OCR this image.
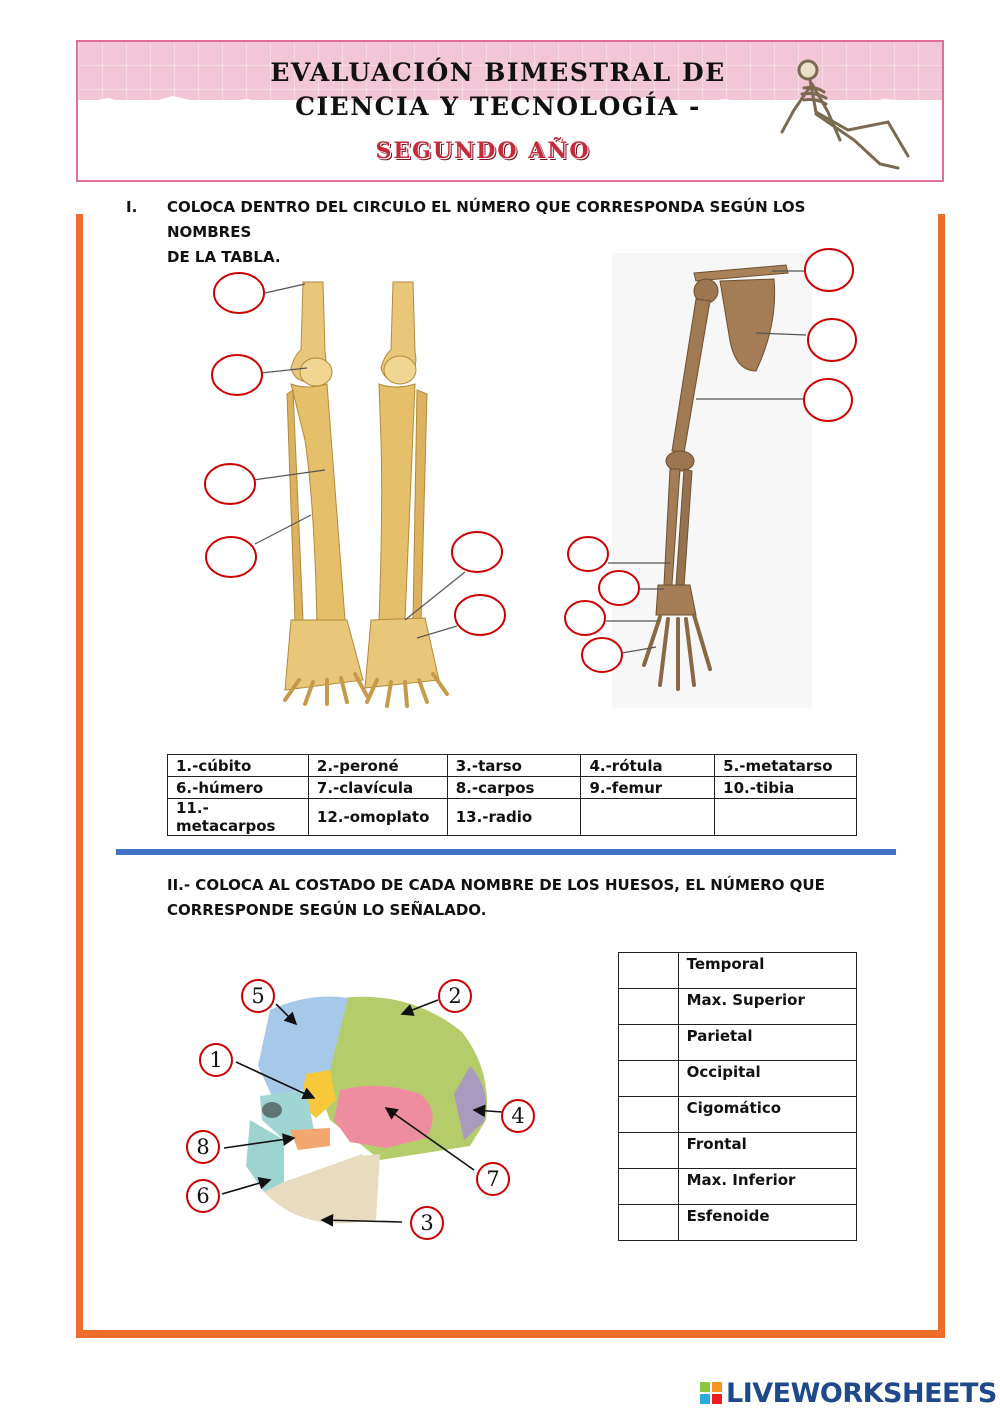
EVALUACIÓN BIMESTRAL DE
CIENCIA Y TECNOLOGÍA -
SEGUNDO AÑO
I. COLOCA DENTRO DEL CIRCULO EL NÚMERO QUE CORRESPONDA SEGÚN LOS NOMBRES
DE LA TABLA.
1.-cúbito	2.-peroné	3.-tarso	4.-rótula	5.-metatarso
6.-húmero	7.-clavícula	8.-carpos	9.-femur	10.-tibia
11.-metacarpos	12.-omoplato	13.-radio		
II.- COLOCA AL COSTADO DE CADA NOMBRE DE LOS HUESOS, EL NÚMERO QUE
CORRESPONDE SEGÚN LO SEÑALADO.
5	2
1
4
8
7
6
3
	Temporal
	Max. Superior
	Parietal
	Occipital
	Cigomático
	Frontal
	Max. Inferior
	Esfenoide
LIVEWORKSHEETS
